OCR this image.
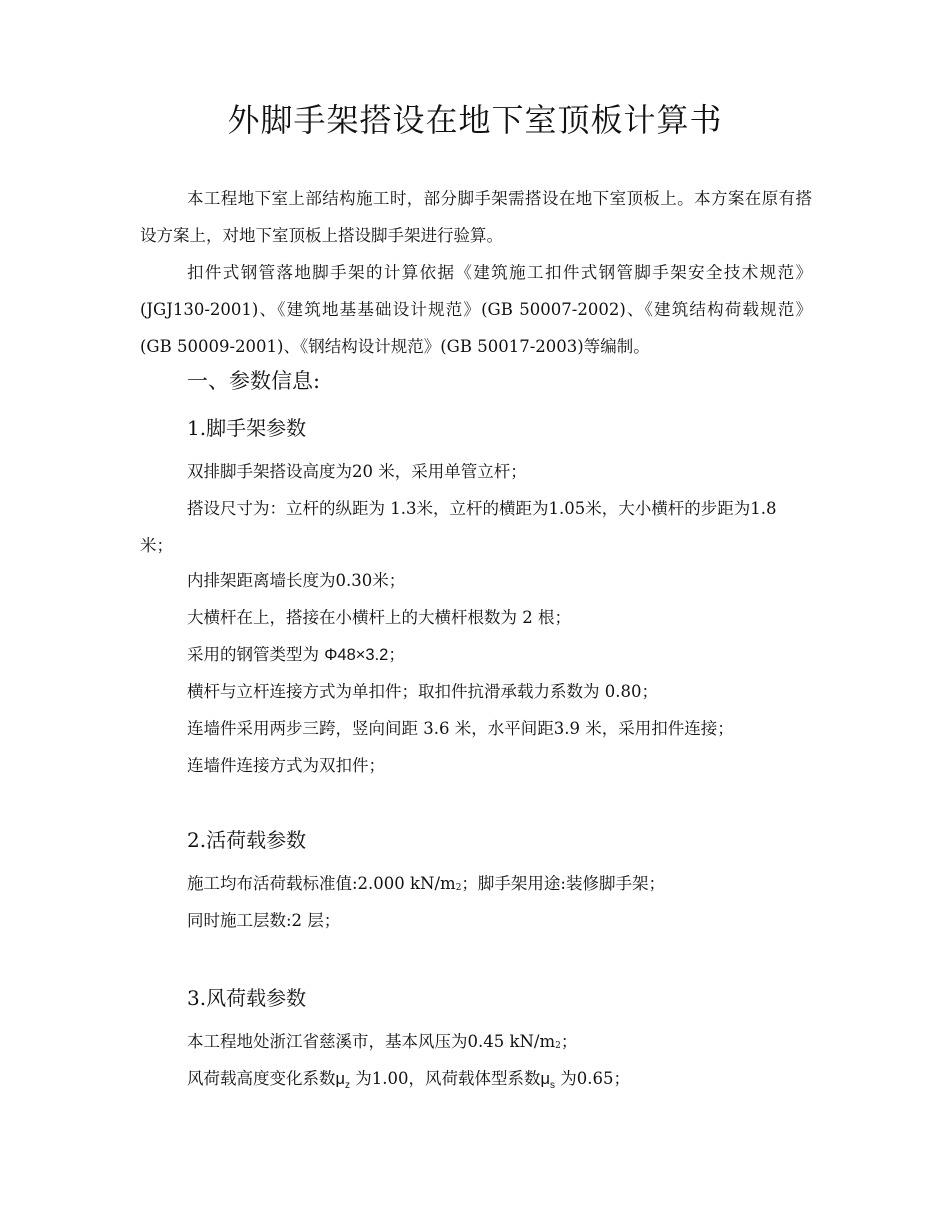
外脚手架搭设在地下室顶板计算书

本工程地下室上部结构施工时，部分脚手架需搭设在地下室顶板上。本方案在原有搭设方案上，对地下室顶板上搭设脚手架进行验算。

扣件式钢管落地脚手架的计算依据《建筑施工扣件式钢管脚手架安全技术规范》(JGJ130-2001)、《建筑地基基础设计规范》(GB 50007-2002)、《建筑结构荷载规范》(GB 50009-2001)、《钢结构设计规范》(GB 50017-2003)等编制。

一、参数信息:
1.脚手架参数

双排脚手架搭设高度为20 米，采用单管立杆；

搭设尺寸为：立杆的纵距为 1.3米，立杆的横距为1.05米，大小横杆的步距为1.8 米；

内排架距离墙长度为0.30米；

大横杆在上，搭接在小横杆上的大横杆根数为 2 根；

采用的钢管类型为 Φ48×3.2；

横杆与立杆连接方式为单扣件；取扣件抗滑承载力系数为 0.80；

连墙件采用两步三跨，竖向间距 3.6 米，水平间距3.9 米，采用扣件连接；

连墙件连接方式为双扣件；

2.活荷载参数

施工均布活荷载标准值:2.000 kN/m2；脚手架用途:装修脚手架；

同时施工层数:2 层；

3.风荷载参数

本工程地处浙江省慈溪市，基本风压为0.45 kN/m2；

风荷载高度变化系数$\mu_z$ 为1.00，风荷载体型系数$\mu_s$ 为0.65；
